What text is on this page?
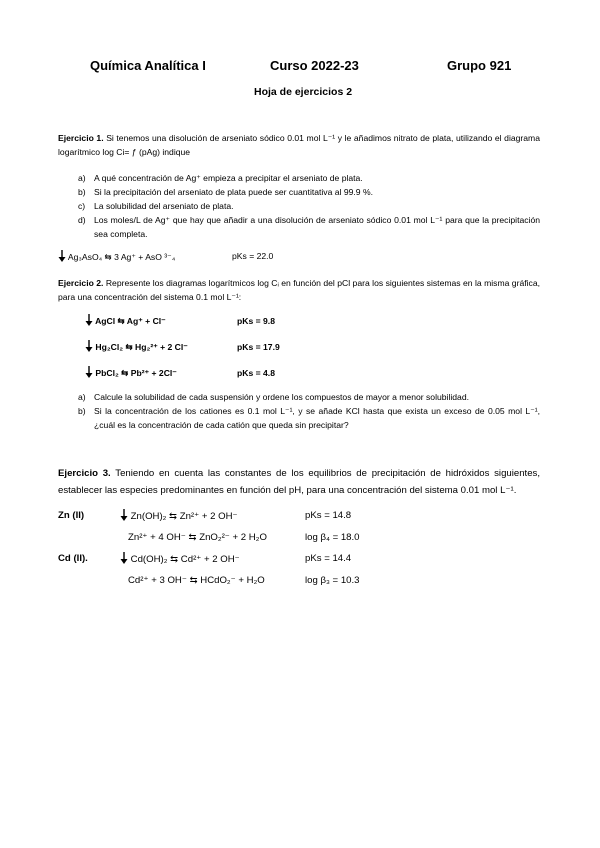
Química Analítica I	Curso 2022-23	Grupo 921
Hoja de ejercicios 2
Ejercicio 1. Si tenemos una disolución de arseniato sódico 0.01 mol L⁻¹ y le añadimos nitrato de plata, utilizando el diagrama logarítmico log Ci= ƒ (pAg) indique
a) A qué concentración de Ag⁺ empieza a precipitar el arseniato de plata.
b) Si la precipitación del arseniato de plata puede ser cuantitativa al 99.9 %.
c) La solubilidad del arseniato de plata.
d) Los moles/L de Ag⁺ que hay que añadir a una disolución de arseniato sódico 0.01 mol L⁻¹ para que la precipitación sea completa.
Ag₃AsO₄ ⇆ 3 Ag⁺ + AsO ³⁻₄	pKs = 22.0
Ejercicio 2. Represente los diagramas logarítmicos log Cᵢ en función del pCl para los siguientes sistemas en la misma gráfica, para una concentración del sistema 0.1 mol L⁻¹:
AgCl ⇆ Ag⁺ + Cl⁻	pKs = 9.8
Hg₂Cl₂ ⇆ Hg₂²⁺ + 2 Cl⁻	pKs = 17.9
PbCl₂ ⇆ Pb²⁺ + 2Cl⁻	pKs = 4.8
a) Calcule la solubilidad de cada suspensión y ordene los compuestos de mayor a menor solubilidad.
b) Si la concentración de los cationes es 0.1 mol L⁻¹, y se añade KCl hasta que exista un exceso de 0.05 mol L⁻¹, ¿cuál es la concentración de cada catión que queda sin precipitar?
Ejercicio 3. Teniendo en cuenta las constantes de los equilibrios de precipitación de hidróxidos siguientes, establecer las especies predominantes en función del pH, para una concentración del sistema 0.01 mol L⁻¹.
Zn (II)	Zn(OH)₂ ⇆ Zn²⁺ + 2 OH⁻	pKs = 14.8
Zn²⁺ + 4 OH⁻ ⇆ ZnO₂²⁻ + 2 H₂O	log β₄ = 18.0
Cd (II).	Cd(OH)₂ ⇆ Cd²⁺ + 2 OH⁻	pKs = 14.4
Cd²⁺ + 3 OH⁻ ⇆ HCdO₂⁻ + H₂O	log β₃ = 10.3
